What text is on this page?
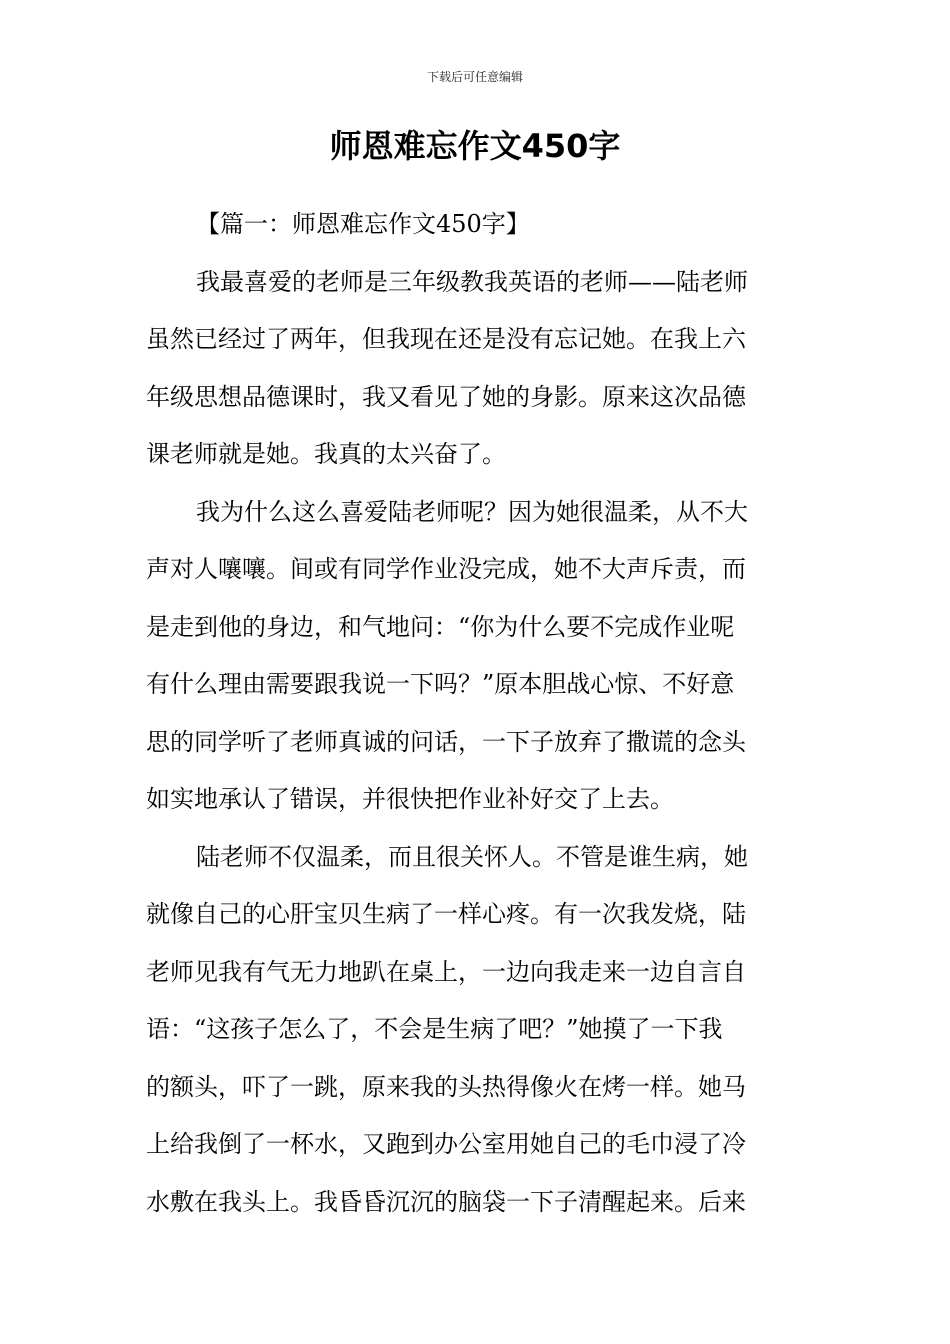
下载后可任意编辑
师恩难忘作文450字
【篇一：师恩难忘作文450字】
我最喜爱的老师是三年级教我英语的老师——陆老师
虽然已经过了两年，但我现在还是没有忘记她。在我上六
年级思想品德课时，我又看见了她的身影。原来这次品德
课老师就是她。我真的太兴奋了。
我为什么这么喜爱陆老师呢？因为她很温柔，从不大
声对人嚷嚷。间或有同学作业没完成，她不大声斥责，而
是走到他的身边，和气地问：“你为什么要不完成作业呢
有什么理由需要跟我说一下吗？”原本胆战心惊、不好意
思的同学听了老师真诚的问话，一下子放弃了撒谎的念头
如实地承认了错误，并很快把作业补好交了上去。
陆老师不仅温柔，而且很关怀人。不管是谁生病，她
就像自己的心肝宝贝生病了一样心疼。有一次我发烧，陆
老师见我有气无力地趴在桌上，一边向我走来一边自言自
语：“这孩子怎么了，不会是生病了吧？”她摸了一下我
的额头，吓了一跳，原来我的头热得像火在烤一样。她马
上给我倒了一杯水，又跑到办公室用她自己的毛巾浸了冷
水敷在我头上。我昏昏沉沉的脑袋一下子清醒起来。后来
